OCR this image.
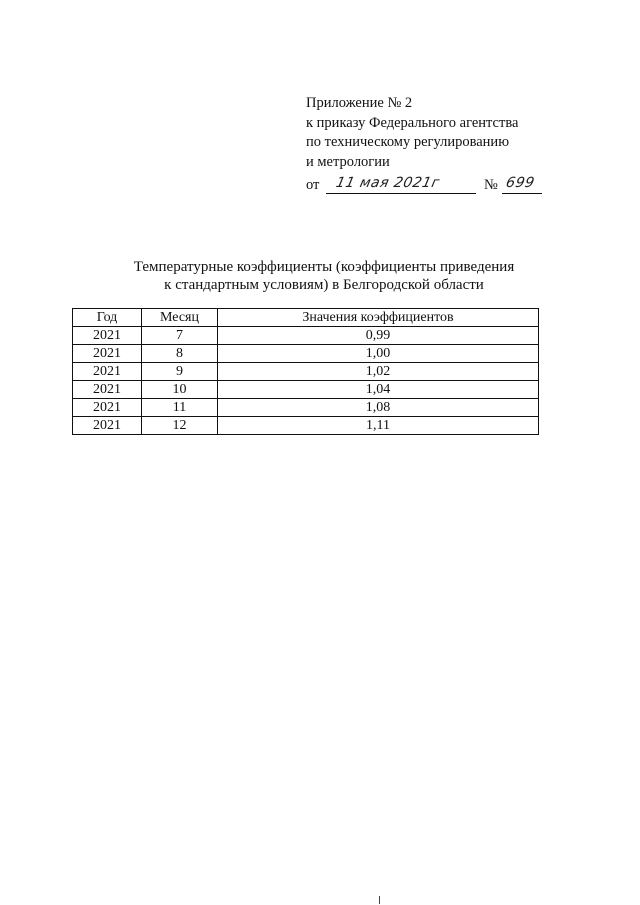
Приложение № 2
к приказу Федерального агентства
по техническому регулированию
и метрологии
от 11 мая 2021г	№ 699
Температурные коэффициенты (коэффициенты приведения
к стандартным условиям) в Белгородской области
Год	Месяц	Значения коэффициентов
2021	7	0,99
2021	8	1,00
2021	9	1,02
2021	10	1,04
2021	11	1,08
2021	12	1,11
